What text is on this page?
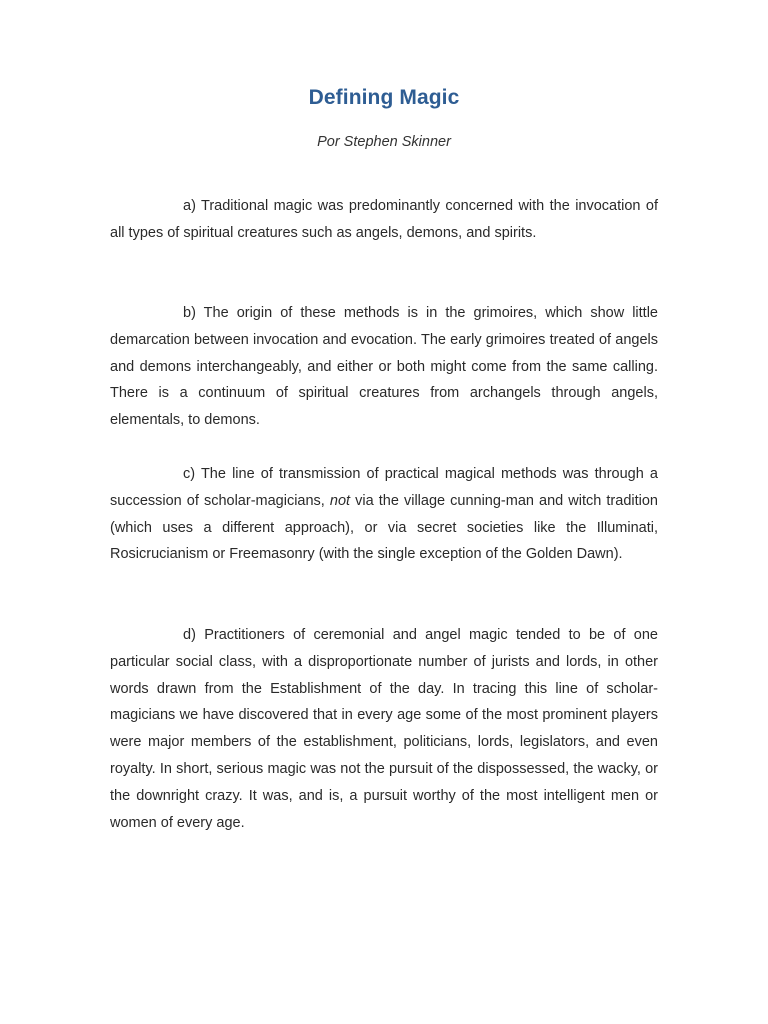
Defining Magic

Por Stephen Skinner

a) Traditional magic was predominantly concerned with the invocation of all types of spiritual creatures such as angels, demons, and spirits.

b) The origin of these methods is in the grimoires, which show little demarcation between invocation and evocation. The early grimoires treated of angels and demons interchangeably, and either or both might come from the same calling. There is a continuum of spiritual creatures from archangels through angels, elementals, to demons.

c) The line of transmission of practical magical methods was through a succession of scholar-magicians, not via the village cunning-man and witch tradition (which uses a different approach), or via secret societies like the Illuminati, Rosicrucianism or Freemasonry (with the single exception of the Golden Dawn).

d) Practitioners of ceremonial and angel magic tended to be of one particular social class, with a disproportionate number of jurists and lords, in other words drawn from the Establishment of the day. In tracing this line of scholar-magicians we have discovered that in every age some of the most prominent players were major members of the establishment, politicians, lords, legislators, and even royalty. In short, serious magic was not the pursuit of the dispossessed, the wacky, or the downright crazy. It was, and is, a pursuit worthy of the most intelligent men or women of every age.
